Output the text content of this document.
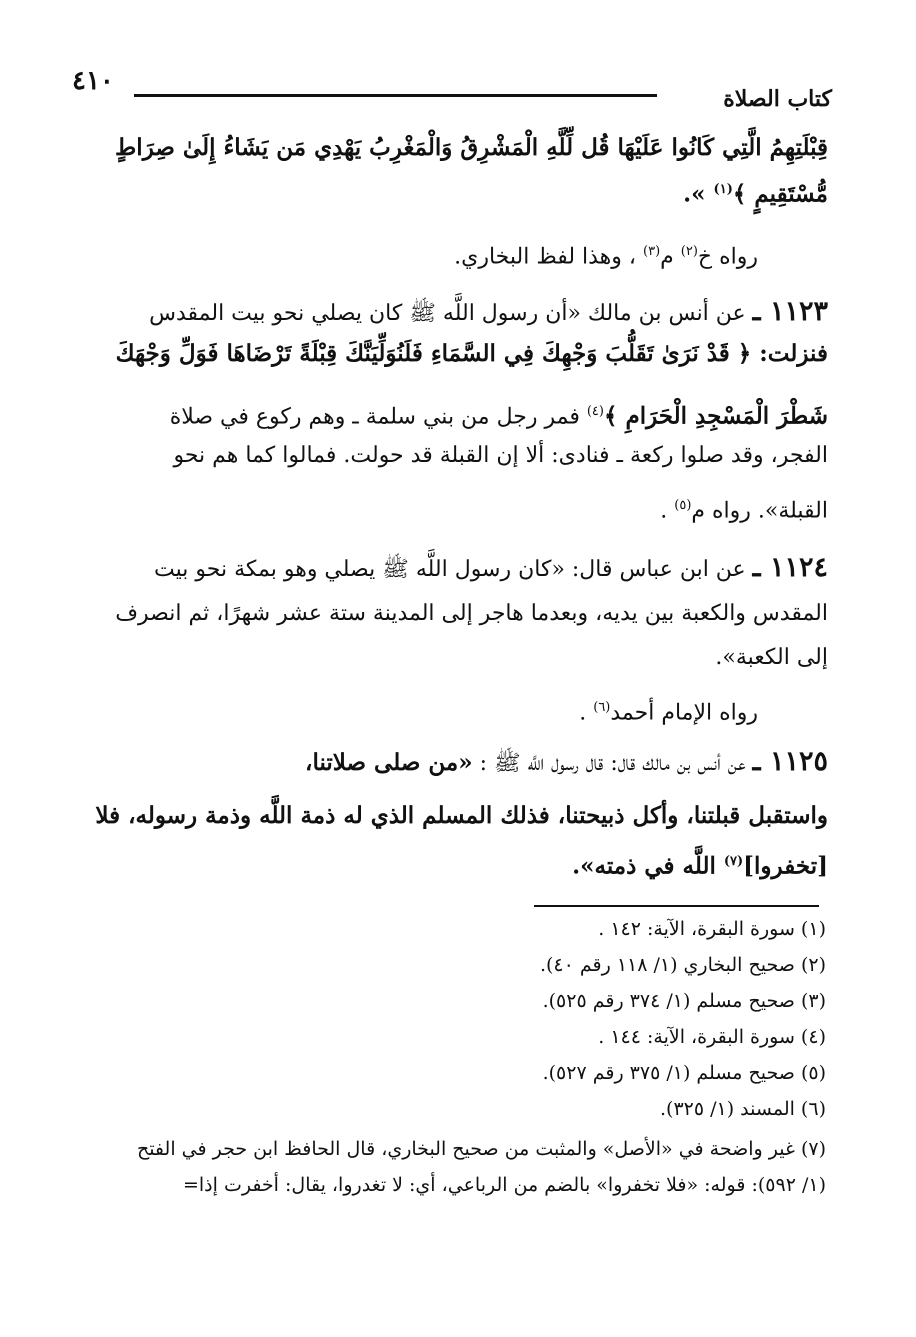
٤١٠
كتاب الصلاة
قِبْلَتِهِمُ الَّتِي كَانُوا عَلَيْهَا قُل لِّلَّهِ الْمَشْرِقُ وَالْمَغْرِبُ يَهْدِي مَن يَشَاءُ إِلَىٰ صِرَاطٍ
مُّسْتَقِيمٍ ﴾$^{(١)}$ ».
رواه خ$^{(٢)}$ م$^{(٣)}$ ، وهذا لفظ البخاري.
١١٢٣ ـ عن أنس بن مالك «أن رسول اللَّه ﷺ كان يصلي نحو بيت المقدس
فنزلت: ﴿ قَدْ نَرَىٰ تَقَلُّبَ وَجْهِكَ فِي السَّمَاءِ فَلَنُوَلِّيَنَّكَ قِبْلَةً تَرْضَاهَا فَوَلِّ وَجْهَكَ
شَطْرَ الْمَسْجِدِ الْحَرَامِ ﴾$^{(٤)}$ فمر رجل من بني سلمة ـ وهم ركوع في صلاة
الفجر، وقد صلوا ركعة ـ فنادى: ألا إن القبلة قد حولت. فمالوا كما هم نحو
القبلة». رواه م$^{(٥)}$ .
١١٢٤ ـ عن ابن عباس قال: «كان رسول اللَّه ﷺ يصلي وهو بمكة نحو بيت
المقدس والكعبة بين يديه، وبعدما هاجر إلى المدينة ستة عشر شهرًا، ثم انصرف
إلى الكعبة».
رواه الإمام أحمد$^{(٦)}$ .
١١٢٥ ـ عن أنس بن مالك قال: قال رسول اللَّه ﷺ : «من صلى صلاتنا،
واستقبل قبلتنا، وأكل ذبيحتنا، فذلك المسلم الذي له ذمة اللَّه وذمة رسوله، فلا
[تخفروا]$^{(٧)}$ اللَّه في ذمته».
(١) سورة البقرة، الآية: ١٤٢ .
(٢) صحيح البخاري (١/ ١١٨ رقم ٤٠).
(٣) صحيح مسلم (١/ ٣٧٤ رقم ٥٢٥).
(٤) سورة البقرة، الآية: ١٤٤ .
(٥) صحيح مسلم (١/ ٣٧٥ رقم ٥٢٧).
(٦) المسند (١/ ٣٢٥).
(٧) غير واضحة في «الأصل» والمثبت من صحيح البخاري، قال الحافظ ابن حجر في الفتح
(١/ ٥٩٢): قوله: «فلا تخفروا» بالضم من الرباعي، أي: لا تغدروا، يقال: أخفرت إذا=
